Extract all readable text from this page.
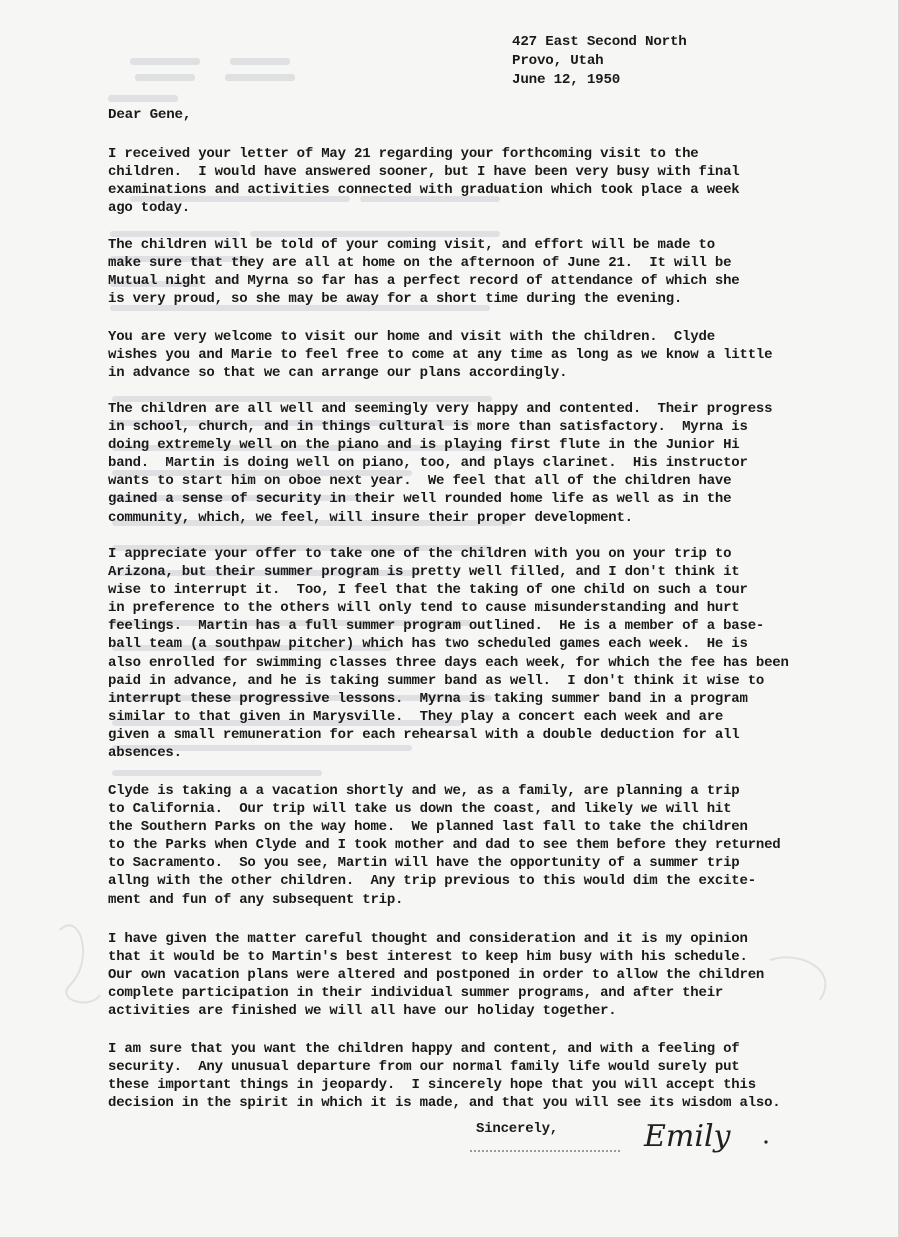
427 East Second North
Provo, Utah
June 12, 1950
Dear Gene,
I received your letter of May 21 regarding your forthcoming visit to the
children.  I would have answered sooner, but I have been very busy with final
examinations and activities connected with graduation which took place a week
ago today.
The children will be told of your coming visit, and effort will be made to
make sure that they are all at home on the afternoon of June 21.  It will be
Mutual night and Myrna so far has a perfect record of attendance of which she
is very proud, so she may be away for a short time during the evening.
You are very welcome to visit our home and visit with the children.  Clyde
wishes you and Marie to feel free to come at any time as long as we know a little
in advance so that we can arrange our plans accordingly.
The children are all well and seemingly very happy and contented.  Their progress
in school, church, and in things cultural is more than satisfactory.  Myrna is
doing extremely well on the piano and is playing first flute in the Junior Hi
band.  Martin is doing well on piano, too, and plays clarinet.  His instructor
wants to start him on oboe next year.  We feel that all of the children have
gained a sense of security in their well rounded home life as well as in the
community, which, we feel, will insure their proper development.
I appreciate your offer to take one of the children with you on your trip to
Arizona, but their summer program is pretty well filled, and I don't think it
wise to interrupt it.  Too, I feel that the taking of one child on such a tour
in preference to the others will only tend to cause misunderstanding and hurt
feelings.  Martin has a full summer program outlined.  He is a member of a base-
ball team (a southpaw pitcher) which has two scheduled games each week.  He is
also enrolled for swimming classes three days each week, for which the fee has been
paid in advance, and he is taking summer band as well.  I don't think it wise to
interrupt these progressive lessons.  Myrna is taking summer band in a program
similar to that given in Marysville.  They play a concert each week and are
given a small remuneration for each rehearsal with a double deduction for all
absences.
Clyde is taking a a vacation shortly and we, as a family, are planning a trip
to California.  Our trip will take us down the coast, and likely we will hit
the Southern Parks on the way home.  We planned last fall to take the children
to the Parks when Clyde and I took mother and dad to see them before they returned
to Sacramento.  So you see, Martin will have the opportunity of a summer trip
allng with the other children.  Any trip previous to this would dim the excite-
ment and fun of any subsequent trip.
I have given the matter careful thought and consideration and it is my opinion
that it would be to Martin's best interest to keep him busy with his schedule.
Our own vacation plans were altered and postponed in order to allow the children
complete participation in their individual summer programs, and after their
activities are finished we will all have our holiday together.
I am sure that you want the children happy and content, and with a feeling of
security.  Any unusual departure from our normal family life would surely put
these important things in jeopardy.  I sincerely hope that you will accept this
decision in the spirit in which it is made, and that you will see its wisdom also.
Sincerely,	Emily
